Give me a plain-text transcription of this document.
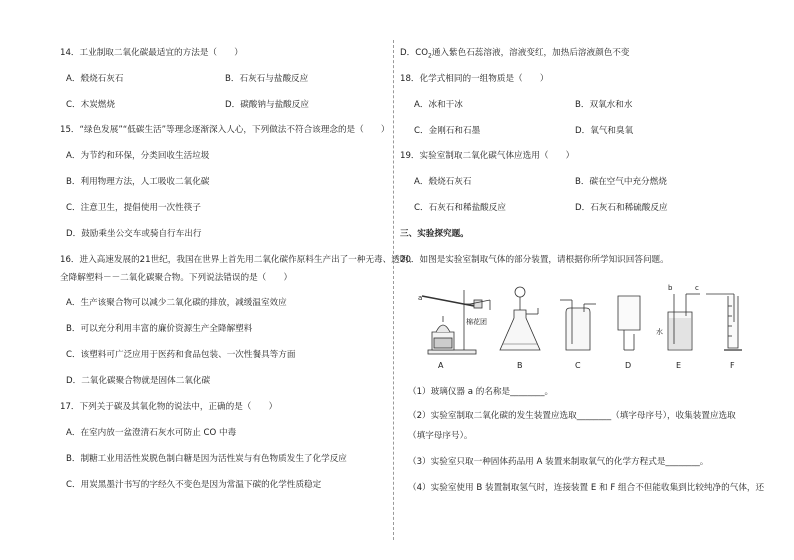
14．工业制取二氧化碳最适宜的方法是（　　）
A．煅烧石灰石	B．石灰石与盐酸反应
C．木炭燃烧	D．碳酸钠与盐酸反应
15．“绿色发展”“低碳生活”等理念逐渐深入人心，下列做法不符合该理念的是（　　）
A．为节约和环保，分类回收生活垃圾
B．利用物理方法，人工吸收二氧化碳
C．注意卫生，提倡使用一次性筷子
D．鼓励乘坐公交车或骑自行车出行
16．进入高速发展的21世纪，我国在世界上首先用二氧化碳作原料生产出了一种无毒、透明、
全降解塑料－－二氧化碳聚合物。下列说法错误的是（　　）
A．生产该聚合物可以减少二氧化碳的排放，减缓温室效应
B．可以充分利用丰富的廉价资源生产全降解塑料
C．该塑料可广泛应用于医药和食品包装、一次性餐具等方面
D．二氧化碳聚合物就是固体二氧化碳
17．下列关于碳及其氧化物的说法中，正确的是（　　）
A．在室内放一盆澄清石灰水可防止 CO 中毒
B．制糖工业用活性炭脱色制白糖是因为活性炭与有色物质发生了化学反应
C．用炭黑墨汁书写的字经久不变色是因为常温下碳的化学性质稳定
D．$CO_2$通入紫色石蕊溶液，溶液变红，加热后溶液颜色不变
18．化学式相同的一组物质是（　　）
A．冰和干冰	B．双氧水和水
C．金刚石和石墨	D．氧气和臭氧
19．实验室制取二氧化碳气体应选用（　　）
A．煅烧石灰石	B．碳在空气中充分燃烧
C．石灰石和稀盐酸反应	D．石灰石和稀硫酸反应
三、实验探究题。
20．如图是实验室制取气体的部分装置，请根据你所学知识回答问题。
a
棉花团
b	c
水
A	B	C	D	E	F
（1）玻璃仪器 a 的名称是________。
（2）实验室制取二氧化碳的发生装置应选取________（填字母序号），收集装置应选取
（填字母序号）。
（3）实验室只取一种固体药品用 A 装置来制取氧气的化学方程式是________。
（4）实验室使用 B 装置制取氢气时，连接装置 E 和 F 组合不但能收集到比较纯净的气体，还
